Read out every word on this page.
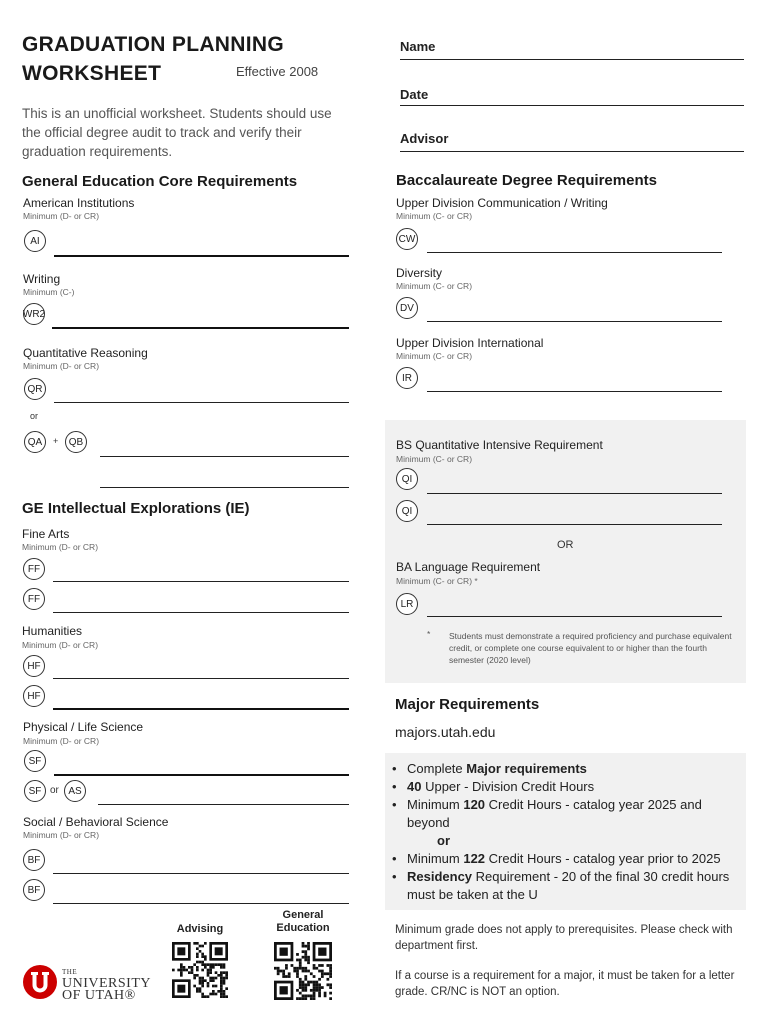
GRADUATION PLANNING
WORKSHEET	Effective 2008
This is an unofficial worksheet. Students should use the official degree audit to track and verify their graduation requirements.
Name
Date
Advisor
General Education Core Requirements
American Institutions
Minimum (D- or CR)
AI
Writing
Minimum (C-)
WR2
Quantitative Reasoning
Minimum (D- or CR)
QR
or
QA	+	QB
GE Intellectual Explorations (IE)
Fine Arts
Minimum (D- or CR)
FF
FF
Humanities
Minimum (D- or CR)
HF
HF
Physical / Life Science
Minimum (D- or CR)
SF
SF or AS
Social / Behavioral Science
Minimum (D- or CR)
BF
BF
Baccalaureate Degree Requirements
Upper Division Communication / Writing
Minimum (C- or CR)
CW
Diversity
Minimum (C- or CR)
DV
Upper Division International
Minimum (C- or CR)
IR
BS Quantitative Intensive Requirement
Minimum (C- or CR)
QI
QI
OR
BA Language Requirement
Minimum (C- or CR) *
LR
* Students must demonstrate a required proficiency and purchase equivalent credit, or complete one course equivalent to or higher than the fourth semester (2020 level)
Major Requirements
majors.utah.edu
• Complete Major requirements
• 40 Upper - Division Credit Hours
• Minimum 120 Credit Hours - catalog year 2025 and beyond
or
• Minimum 122 Credit Hours - catalog year prior to 2025
• Residency Requirement - 20 of the final 30 credit hours must be taken at the U
Minimum grade does not apply to prerequisites. Please check with department first.
If a course is a requirement for a major, it must be taken for a letter grade. CR/NC is NOT an option.
Advising
General
Education
THE
UNIVERSITY
OF UTAH®
